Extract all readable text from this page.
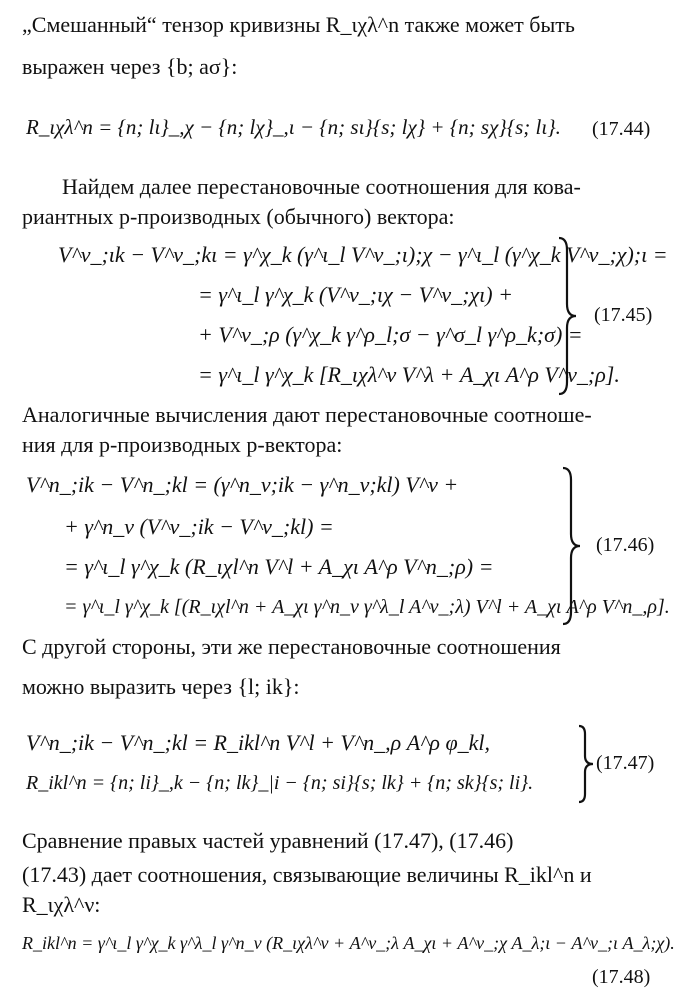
„Смешанный“ тензор кривизны R_ιχλ^n также может быть
выражен через {b; aσ}:
R_ιχλ^n = {n; lι}_,χ − {n; lχ}_,ι − {n; sι}{s; lχ} + {n; sχ}{s; lι}. (17.44)
Найдем далее перестановочные соотношения для кова-
риантных p-производных (обычного) вектора:
V^ν_;ιk − V^ν_;kι = γ^χ_k (γ^ι_l V^ν_;ι);χ − γ^ι_l (γ^χ_k V^ν_;χ);ι =
= γ^ι_l γ^χ_k (V^ν_;ιχ − V^ν_;χι) +
+ V^ν_;ρ (γ^χ_k γ^ρ_l;σ − γ^σ_l γ^ρ_k;σ) =
= γ^ι_l γ^χ_k [R_ιχλ^ν V^λ + A_χι A^ρ V^ν_;ρ].
(17.45)
Аналогичные вычисления дают перестановочные соотноше-
ния для p-производных p-вектора:
V^n_;ik − V^n_;kl = (γ^n_ν;ik − γ^n_ν;kl) V^ν +
+ γ^n_ν (V^ν_;ik − V^ν_;kl) =
= γ^ι_l γ^χ_k (R_ιχl^n V^l + A_χι A^ρ V^n_;ρ) =
= γ^ι_l γ^χ_k [(R_ιχl^n + A_χι γ^n_ν γ^λ_l A^ν_;λ) V^l + A_χι A^ρ V^n_,ρ].
(17.46)
С другой стороны, эти же перестановочные соотношения
можно выразить через {l; ik}:
V^n_;ik − V^n_;kl = R_ikl^n V^l + V^n_,ρ A^ρ φ_kl,
R_ikl^n = {n; li}_,k − {n; lk}_|i − {n; si}{s; lk} + {n; sk}{s; li}.
(17.47)
Сравнение правых частей уравнений (17.47), (17.46)
(17.43) дает соотношения, связывающие величины R_ikl^n и
R_ιχλ^ν:
R_ikl^n = γ^ι_l γ^χ_k γ^λ_l γ^n_ν (R_ιχλ^ν + A^ν_;λ A_χι + A^ν_;χ A_λ;ι − A^ν_;ι A_λ;χ).
(17.48)
